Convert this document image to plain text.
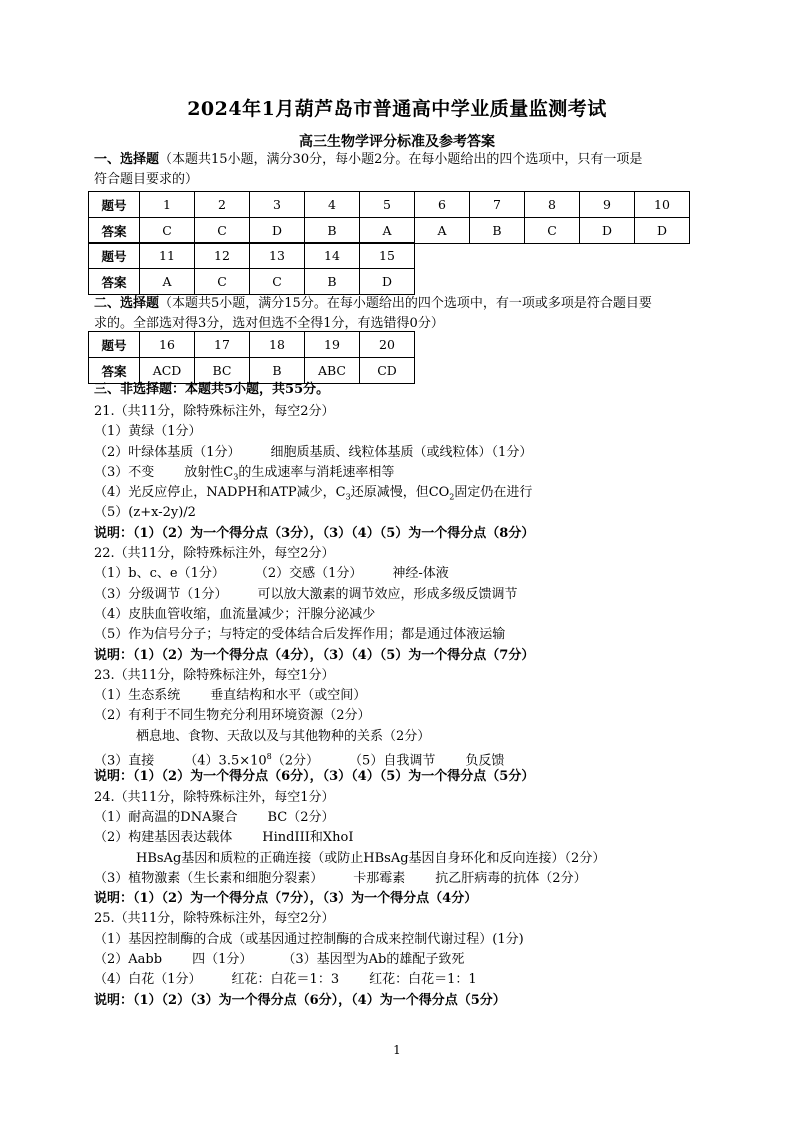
2024年1月葫芦岛市普通高中学业质量监测考试
高三生物学评分标准及参考答案
一、选择题（本题共15小题，满分30分，每小题2分。在每小题给出的四个选项中，只有一项是
符合题目要求的）
题号	1	2	3	4	5	6	7	8	9	10
答案	C	C	D	B	A	A	B	C	D	D
题号	11	12	13	14	15
答案	A	C	C	B	D
二、选择题（本题共5小题，满分15分。在每小题给出的四个选项中，有一项或多项是符合题目要
求的。全部选对得3分，选对但选不全得1分，有选错得0分）
题号	16	17	18	19	20
答案	ACD	BC	B	ABC	CD
三、非选择题：本题共5小题，共55分。
21.（共11分，除特殊标注外，每空2分）
（1）黄绿（1分）
（2）叶绿体基质（1分） 细胞质基质、线粒体基质（或线粒体）（1分）
（3）不变 放射性$C_3$的生成速率与消耗速率相等
（4）光反应停止，NADPH和ATP减少，$C_3$还原减慢，但$CO_2$固定仍在进行
（5）(z+x-2y)/2
说明：（1）（2）为一个得分点（3分），（3）（4）（5）为一个得分点（8分）
22.（共11分，除特殊标注外，每空2分）
（1）b、c、e（1分） （2）交感（1分） 神经-体液
（3）分级调节（1分） 可以放大激素的调节效应，形成多级反馈调节
（4）皮肤血管收缩，血流量减少；汗腺分泌减少
（5）作为信号分子；与特定的受体结合后发挥作用；都是通过体液运输
说明：（1）（2）为一个得分点（4分），（3）（4）（5）为一个得分点（7分）
23.（共11分，除特殊标注外，每空1分）
（1）生态系统 垂直结构和水平（或空间）
（2）有利于不同生物充分利用环境资源（2分）
栖息地、食物、天敌以及与其他物种的关系（2分）
（3）直接 $(4)3.5\times 10^8(2$分） （5）自我调节 负反馈
说明：（1）（2）为一个得分点（6分），（3）（4）（5）为一个得分点（5分）
24.（共11分，除特殊标注外，每空1分）
（1）耐高温的DNA聚合 BC（2分）
（2）构建基因表达载体 HindIII和XhoI
HBsAg基因和质粒的正确连接（或防止HBsAg基因自身环化和反向连接）（2分）
（3）植物激素（生长素和细胞分裂素） 卡那霉素 抗乙肝病毒的抗体（2分）
说明：（1）（2）为一个得分点（7分），（3）为一个得分点（4分）
25.（共11分，除特殊标注外，每空2分）
（1）基因控制酶的合成（或基因通过控制酶的合成来控制代谢过程）(1分)
（2）Aabb 四（1分） （3）基因型为Ab的雄配子致死
（4）白花（1分） 红花：白花＝1：3 红花：白花＝1：1
说明：（1）（2）（3）为一个得分点（6分），（4）为一个得分点（5分）
1
